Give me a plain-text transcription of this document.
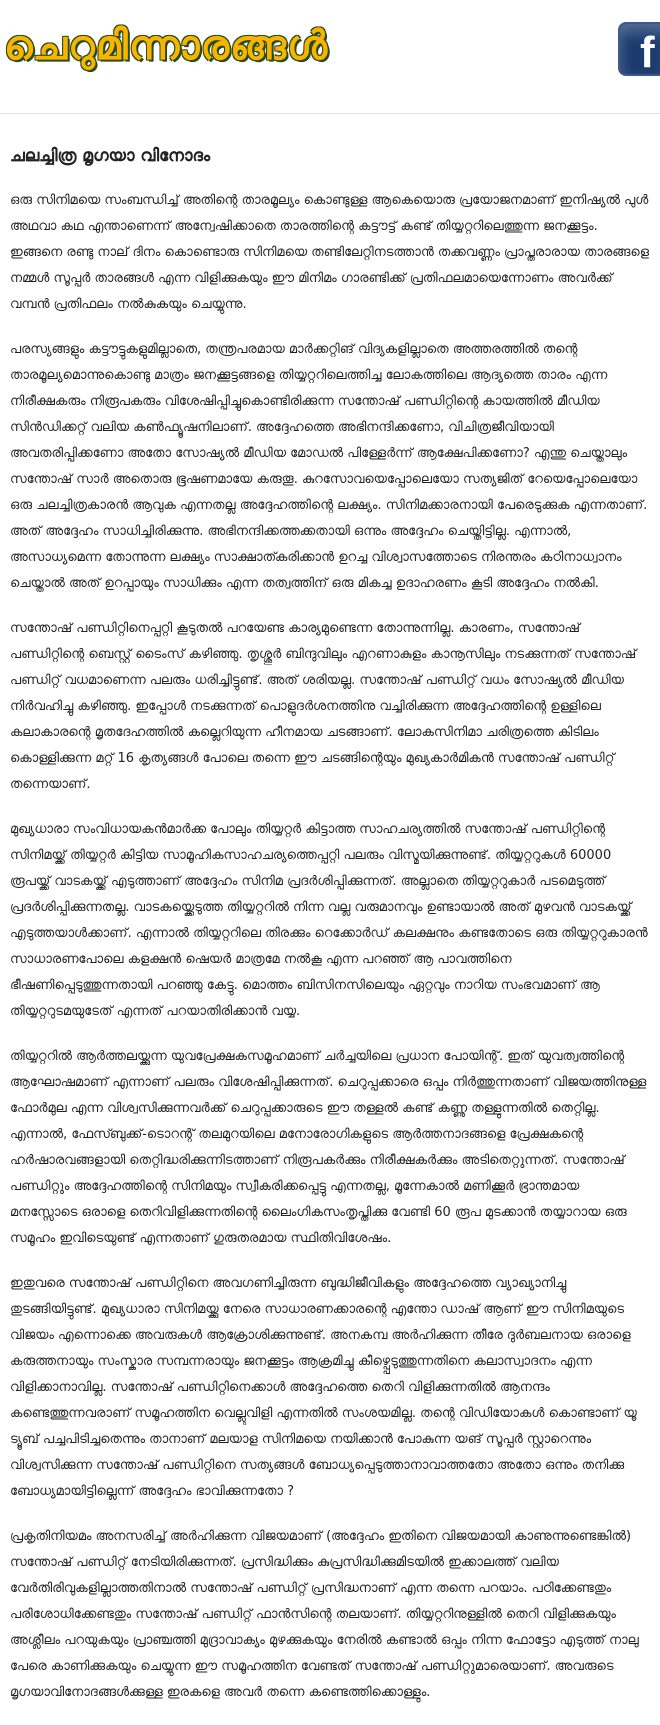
ചെറുമിന്നാരങ്ങൾ	f
ചലച്ചിത്ര മൃഗയാ വിനോദം

ഒരു സിനിമയെ സംബന്ധിച്ച് അതിന്റെ താരമൂല്യം കൊണ്ടുള്ള ആകെയൊരു പ്രയോജനമാണ് ഇനിഷ്യൽ പുൾ അഥവാ കഥ എന്താണെന്ന് അന്വേഷിക്കാതെ താരത്തിന്റെ കട്ടൗട്ട് കണ്ട് തിയ്യറ്ററിലെത്തുന്ന ജനക്കൂട്ടം. ഇങ്ങനെ രണ്ടു നാല് ദിനം കൊണ്ടൊരു സിനിമയെ തണ്ടിലേറ്റിനടത്താൻ തക്കവണ്ണം പ്രാപ്തരാരായ താരങ്ങളെ നമ്മൾ സൂപ്പർ താരങ്ങൾ എന്ന വിളിക്കുകയും ഈ മിനിമം ഗാരണ്ടിക്ക് പ്രതിഫലമായെന്നോണം അവർക്ക് വമ്പൻ പ്രതിഫലം നൽകുകയും ചെയ്യുന്നു.

പരസ്യങ്ങളും കട്ടൗട്ടുകളുമില്ലാതെ, തന്ത്രപരമായ മാർക്കറ്റിങ് വിദ്യകളില്ലാതെ അത്തരത്തിൽ തന്റെ താരമൂല്യമൊന്നുകൊണ്ടു മാത്രം ജനക്കൂട്ടങ്ങളെ തിയ്യറ്ററിലെത്തിച്ച ലോകത്തിലെ ആദ്യത്തെ താരം എന്ന നിരീക്ഷകരും നിരൂപകരും വിശേഷിപ്പിച്ചുകൊണ്ടിരിക്കുന്ന സന്തോഷ് പണ്ഡിറ്റിന്റെ കായത്തിൽ മീഡിയ സിൻഡിക്കറ്റ് വലിയ കൺഫ്യൂഷനിലാണ്. അദ്ദേഹത്തെ അഭിനന്ദിക്കണോ, വിചിത്രജീവിയായി അവതരിപ്പിക്കണോ അതോ സോഷ്യൽ മീഡിയ മോഡൽ പിള്ളേർന്ന് ആക്ഷേപിക്കണോ? എന്തു ചെയ്താലും സന്തോഷ് സാർ അതൊരു ഭൂഷണമായേ കരുതൂ. കുറസോവയെപ്പോലെയോ സത്യജിത് റേയെപ്പോലെയോ ഒരു ചലച്ചിത്രകാരൻ ആവുക എന്നതല്ല അദ്ദേഹത്തിന്റെ ലക്ഷ്യം. സിനിമക്കാരനായി പേരെടുക്കുക എന്നതാണ്. അത് അദ്ദേഹം സാധിച്ചിരിക്കുന്നു. അഭിനന്ദിക്കത്തക്കതായി ഒന്നും അദ്ദേഹം ചെയ്തിട്ടില്ല. എന്നാൽ, അസാധ്യമെന്ന തോന്നുന്ന ലക്ഷ്യം സാക്ഷാത്കരിക്കാൻ ഉറച്ച വിശ്വാസത്തോടെ നിരന്തരം കഠിനാധ്വാനം ചെയ്താൽ അത് ഉറപ്പായും സാധിക്കും എന്ന തത്വത്തിന് ഒരു മികച്ച ഉദാഹരണം കൂടി അദ്ദേഹം നൽകി.

സന്തോഷ് പണ്ഡിറ്റിനെപ്പറ്റി കൂടുതൽ പറയേണ്ട കാര്യമുണ്ടെന്ന തോന്നുന്നില്ല. കാരണം, സന്തോഷ് പണ്ഡിറ്റിന്റെ ബെസ്റ്റ് ടൈംസ് കഴിഞ്ഞു. തൃശ്ശൂർ ബിന്ദുവിലും എറണാകുളം കാനൂസിലും നടക്കുന്നത് സന്തോഷ് പണ്ഡിറ്റ് വധമാണെന്ന പലരും ധരിച്ചിട്ടുണ്ട്. അത് ശരിയല്ല. സന്തോഷ് പണ്ഡിറ്റ് വധം സോഷ്യൽ മീഡിയ നിർവഹിച്ചു കഴിഞ്ഞു. ഇപ്പോൾ നടക്കുന്നത് പൊളുദർശനത്തിനു വച്ചിരിക്കുന്ന അദ്ദേഹത്തിന്റെ ഉള്ളിലെ കലാകാരന്റെ മൃതദേഹത്തിൽ കല്ലെറിയുന്ന ഹീനമായ ചടങ്ങാണ്. ലോകസിനിമാ ചരിത്രത്തെ കിടിലം കൊള്ളിക്കുന്ന മറ്റ് 16 കൃത്യങ്ങൾ പോലെ തന്നെ ഈ ചടങ്ങിന്റെയും മുഖ്യകാർമികൻ സന്തോഷ് പണ്ഡിറ്റ് തന്നെയാണ്.

മുഖ്യധാരാ സംവിധായകൻമാർക്ക പോലും തിയ്യറ്റർ കിട്ടാത്ത സാഹചര്യത്തിൽ സന്തോഷ് പണ്ഡിറ്റിന്റെ സിനിമയ്ക്ക് തിയ്യറ്റർ കിട്ടിയ സാമൂഹികസാഹചര്യത്തെപ്പറ്റി പലരും വിസ്മയിക്കുന്നുണ്ട്. തിയ്യറ്ററുകൾ 60000 രൂപയ്ക്ക് വാടകയ്ക്ക് എടുത്താണ് അദ്ദേഹം സിനിമ പ്രദർശിപ്പിക്കുന്നത്. അല്ലാതെ തിയ്യറ്ററുകാർ പടമെടുത്ത് പ്രദർശിപ്പിക്കുന്നതല്ല. വാടകയ്ക്കെടുത്ത തിയ്യറ്ററിൽ നിന്ന വല്ല വരുമാനവും ഉണ്ടായാൽ അത് മുഴവൻ വാടകയ്ക്ക് എടുത്തയാൾക്കാണ്. എന്നാൽ തിയ്യറ്ററിലെ തിരക്കും റെക്കോർഡ് കലക്ഷനും കണ്ടതോടെ ഒരു തിയ്യറ്ററുകാരൻ സാധാരണപോലെ കളക്ഷൻ ഷെയർ മാത്രമേ നൽകൂ എന്ന പറഞ്ഞ് ആ പാവത്തിനെ ഭീഷണിപ്പെടുത്തുന്നതായി പറഞ്ഞു കേട്ടു. മൊത്തം ബിസിനസിലെയും ഏറ്റവും നാറിയ സംഭവമാണ് ആ തിയ്യറ്ററുടമയുടേത് എന്നത് പറയാതിരിക്കാൻ വയ്യ.

തിയ്യറ്ററിൽ ആർത്തലയ്ക്കുന്ന യുവപ്രേക്ഷകസമൂഹമാണ് ചർച്ചയിലെ പ്രധാന പോയിന്റ്. ഇത് യുവത്വത്തിന്റെ ആഘോഷമാണ് എന്നാണ് പലരും വിശേഷിപ്പിക്കുന്നത്. ചെറുപ്പക്കാരെ ഒപ്പം നിർത്തുന്നതാണ് വിജയത്തിനുള്ള ഫോർമുല എന്ന വിശ്വസിക്കുന്നവർക്ക് ചെറുപ്പക്കാരുടെ ഈ തള്ളൽ കണ്ട് കണ്ണു തള്ളുന്നതിൽ തെറ്റില്ല. എന്നാൽ, ഫേസ്ബുക്ക്-ടൊറന്റ് തലമുറയിലെ മനോരോഗികളുടെ ആർത്തനാദങ്ങളെ പ്രേക്ഷകന്റെ ഹർഷാരവങ്ങളായി തെറ്റിദ്ധരിക്കുന്നിടത്താണ് നിരൂപകർക്കും നിരീക്ഷകർക്കും അടിതെറ്റുന്നത്. സന്തോഷ് പണ്ഡിറ്റും അദ്ദേഹത്തിന്റെ സിനിമയും സ്വീകരിക്കപ്പെട്ടു എന്നതല്ല, മൂന്നേകാൽ മണിക്കൂർ ഭ്രാന്തമായ മനസ്സോടെ ഒരാളെ തെറിവിളിക്കുന്നതിന്റെ ലൈംഗികസംതൃപ്തിക്കു വേണ്ടി 60 രൂപ മുടക്കാൻ തയ്യാറായ ഒരു സമൂഹം ഇവിടെയുണ്ട് എന്നതാണ് ഗുരുതരമായ സ്ഥിതിവിശേഷം.

ഇതുവരെ സന്തോഷ് പണ്ഡിറ്റിനെ അവഗണിച്ചിരുന്ന ബുദ്ധിജീവികളും അദ്ദേഹത്തെ വ്യാഖ്യാനിച്ചു തുടങ്ങിയിട്ടുണ്ട്. മുഖ്യധാരാ സിനിമയ്ക്കു നേരെ സാധാരണക്കാരന്റെ എന്തോ ഡാഷ് ആണ് ഈ സിനിമയുടെ വിജയം എന്നൊക്കെ അവരുകൾ ആക്രോശിക്കുന്നുണ്ട്. അനകമ്പ അർഹിക്കുന്ന തീരേ ദുർബലനായ ഒരാളെ കരുത്തനായും സംസ്കാര സമ്പന്നരായും ജനക്കൂട്ടം ആക്രമിച്ചു കീഴ്പ്പെടുത്തുന്നതിനെ കലാസ്വാദനം എന്ന വിളിക്കാനാവില്ല. സന്തോഷ് പണ്ഡിറ്റിനെക്കാൾ അദ്ദേഹത്തെ തെറി വിളിക്കുന്നതിൽ ആനന്ദം കണ്ടെത്തുന്നവരാണ് സമൂഹത്തിന വെല്ലുവിളി എന്നതിൽ സംശയമില്ല. തന്റെ വിഡിയോകൾ കൊണ്ടാണ് യൂ ട്യൂബ് പച്ചപിടിച്ചതെന്നും താനാണ് മലയാള സിനിമയെ നയിക്കാൻ പോകുന്ന യങ് സൂപ്പർ സ്റ്റാറെന്നും വിശ്വസിക്കുന്ന സന്തോഷ് പണ്ഡിറ്റിനെ സത്യങ്ങൾ ബോധ്യപ്പെടുത്താനാവാത്തതോ അതോ ഒന്നും തനിക്കു ബോധ്യമായിട്ടില്ലെന്ന് അദ്ദേഹം ഭാവിക്കുന്നതോ ?

പ്രകൃതിനിയമം അനസരിച്ച് അർഹിക്കുന്ന വിജയമാണ് (അദ്ദേഹം ഇതിനെ വിജയമായി കാണുന്നുണ്ടെങ്കിൽ) സന്തോഷ് പണ്ഡിറ്റ് നേടിയിരിക്കുന്നത്. പ്രസിദ്ധിക്കും കുപ്രസിദ്ധിക്കുമിടയിൽ ഇക്കാലത്ത് വലിയ വേർതിരിവുകളില്ലാത്തതിനാൽ സന്തോഷ് പണ്ഡിറ്റ് പ്രസിദ്ധനാണ് എന്ന തന്നെ പറയാം. പഠിക്കേണ്ടതും പരിശോധിക്കേണ്ടതും സന്തോഷ് പണ്ഡിറ്റ് ഫാൻസിന്റെ തലയാണ്. തിയ്യറ്ററിനുള്ളിൽ തെറി വിളിക്കുകയും അശ്ലീലം പറയുകയും പ്രാഞ്ചത്തി മുദ്രാവാക്യം മുഴക്കുകയും നേരിൽ കണ്ടാൽ ഒപ്പം നിന്ന ഫോട്ടോ എടുത്ത് നാലു പേരെ കാണിക്കുകയും ചെയ്യുന്ന ഈ സമൂഹത്തിന വേണ്ടത് സന്തോഷ് പണ്ഡിറ്റുമാരെയാണ്. അവരുടെ മൃഗയാവിനോദങ്ങൾക്കുള്ള ഇരകളെ അവർ തന്നെ കണ്ടെത്തിക്കൊള്ളും.
